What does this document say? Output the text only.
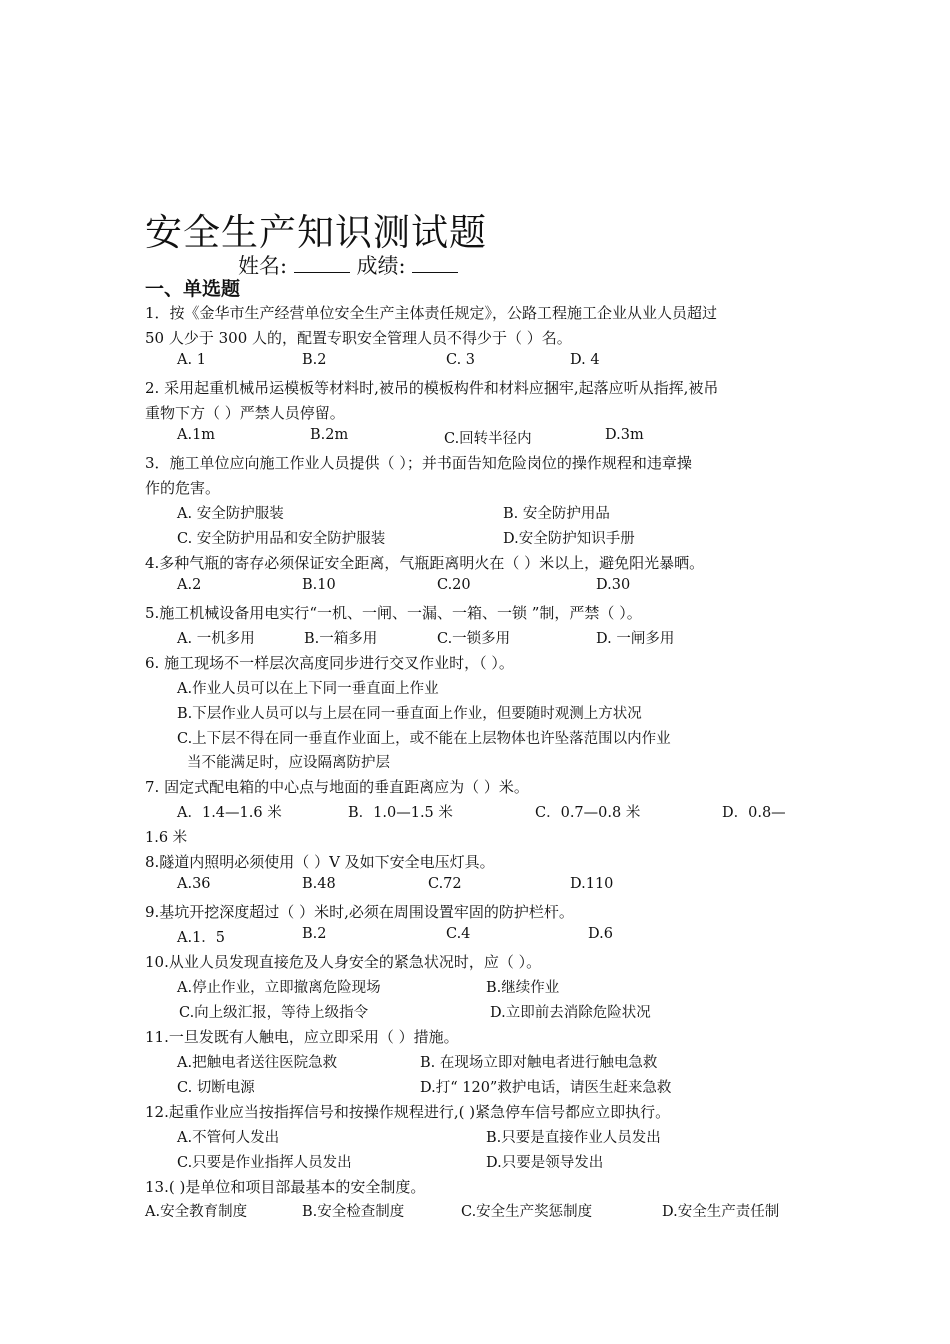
安全生产知识测试题
姓名:	成绩:
一、单选题
1．按《金华市生产经营单位安全生产主体责任规定》，公路工程施工企业从业人员超过
50 人少于 300 人的，配置专职安全管理人员不得少于（ ）名。
A. 1	B.2	C. 3	D. 4
2. 采用起重机械吊运模板等材料时,被吊的模板构件和材料应捆牢,起落应听从指挥,被吊
重物下方（ ）严禁人员停留。
A.1m	B.2m	C.回转半径内	D.3m
3．施工单位应向施工作业人员提供（ ）；并书面告知危险岗位的操作规程和违章操
作的危害。
A. 安全防护服装	B. 安全防护用品
C. 安全防护用品和安全防护服装	D.安全防护知识手册
4.多种气瓶的寄存必须保证安全距离，气瓶距离明火在（ ）米以上，避免阳光暴晒。
A.2	B.10	C.20	D.30
5.施工机械设备用电实行“一机、一闸、一漏、一箱、一锁 ”制，严禁（ ）。
A. 一机多用	B.一箱多用	C.一锁多用	D. 一闸多用
6. 施工现场不一样层次高度同步进行交叉作业时，（ ）。
A.作业人员可以在上下同一垂直面上作业
B.下层作业人员可以与上层在同一垂直面上作业，但要随时观测上方状况
C.上下层不得在同一垂直作业面上，或不能在上层物体也许坠落范围以内作业
当不能满足时，应设隔离防护层
7. 固定式配电箱的中心点与地面的垂直距离应为（ ）米。
A．1.4—1.6 米	B．1.0—1.5 米	C．0.7—0.8 米	D．0.8—
1.6 米
8.隧道内照明必须使用（ ）V 及如下安全电压灯具。
A.36	B.48	C.72	D.110
9.基坑开挖深度超过（ ）米时,必须在周围设置牢固的防护栏杆。
A.1．5	B.2	C.4	D.6
10.从业人员发现直接危及人身安全的紧急状况时，应（ ）。
A.停止作业，立即撤离危险现场	B.继续作业
C.向上级汇报，等待上级指令	D.立即前去消除危险状况
11.一旦发既有人触电，应立即采用（ ）措施。
A.把触电者送往医院急救	B. 在现场立即对触电者进行触电急救
C. 切断电源	D.打“ 120”救护电话，请医生赶来急救
12.起重作业应当按指挥信号和按操作规程进行,( )紧急停车信号都应立即执行。
A.不管何人发出	B.只要是直接作业人员发出
C.只要是作业指挥人员发出	D.只要是领导发出
13.( )是单位和项目部最基本的安全制度。
A.安全教育制度	B.安全检查制度	C.安全生产奖惩制度	D.安全生产责任制
